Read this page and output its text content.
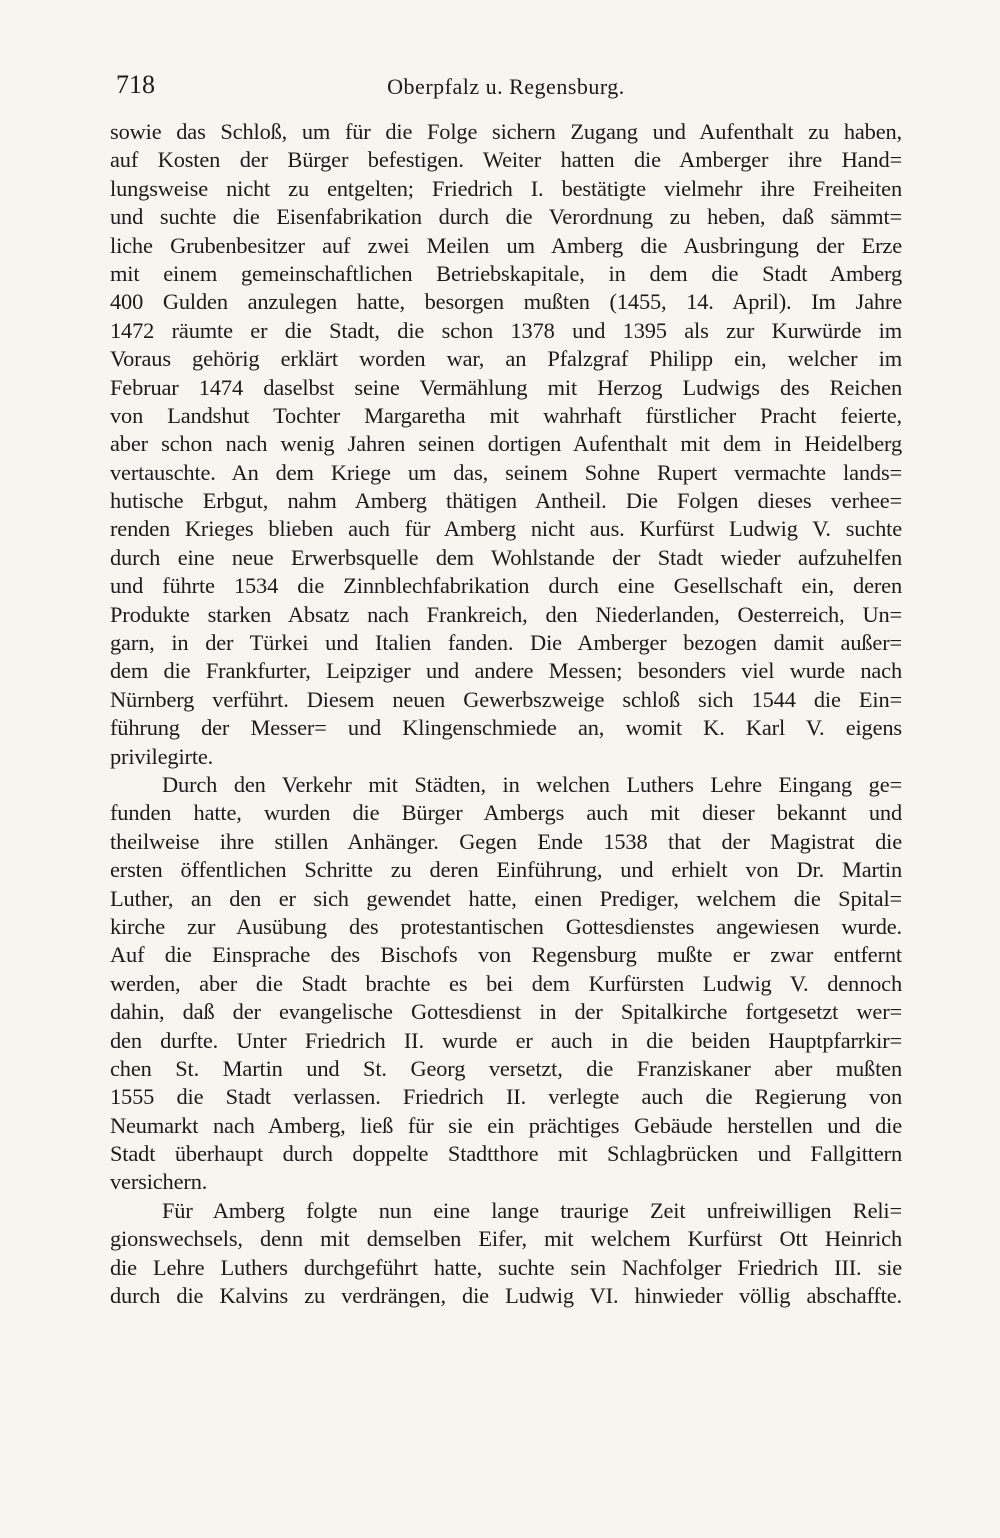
718	Oberpfalz u. Regensburg.
sowie das Schloß, um für die Folge sichern Zugang und Aufenthalt zu haben,
auf Kosten der Bürger befestigen. Weiter hatten die Amberger ihre Hand=
lungsweise nicht zu entgelten; Friedrich I. bestätigte vielmehr ihre Freiheiten
und suchte die Eisenfabrikation durch die Verordnung zu heben, daß sämmt=
liche Grubenbesitzer auf zwei Meilen um Amberg die Ausbringung der Erze
mit einem gemeinschaftlichen Betriebskapitale, in dem die Stadt Amberg
400 Gulden anzulegen hatte, besorgen mußten (1455, 14. April). Im Jahre
1472 räumte er die Stadt, die schon 1378 und 1395 als zur Kurwürde im
Voraus gehörig erklärt worden war, an Pfalzgraf Philipp ein, welcher im
Februar 1474 daselbst seine Vermählung mit Herzog Ludwigs des Reichen
von Landshut Tochter Margaretha mit wahrhaft fürstlicher Pracht feierte,
aber schon nach wenig Jahren seinen dortigen Aufenthalt mit dem in Heidelberg
vertauschte. An dem Kriege um das, seinem Sohne Rupert vermachte lands=
hutische Erbgut, nahm Amberg thätigen Antheil. Die Folgen dieses verhee=
renden Krieges blieben auch für Amberg nicht aus. Kurfürst Ludwig V. suchte
durch eine neue Erwerbsquelle dem Wohlstande der Stadt wieder aufzuhelfen
und führte 1534 die Zinnblechfabrikation durch eine Gesellschaft ein, deren
Produkte starken Absatz nach Frankreich, den Niederlanden, Oesterreich, Un=
garn, in der Türkei und Italien fanden. Die Amberger bezogen damit außer=
dem die Frankfurter, Leipziger und andere Messen; besonders viel wurde nach
Nürnberg verführt. Diesem neuen Gewerbszweige schloß sich 1544 die Ein=
führung der Messer= und Klingenschmiede an, womit K. Karl V. eigens
privilegirte.
Durch den Verkehr mit Städten, in welchen Luthers Lehre Eingang ge=
funden hatte, wurden die Bürger Ambergs auch mit dieser bekannt und
theilweise ihre stillen Anhänger. Gegen Ende 1538 that der Magistrat die
ersten öffentlichen Schritte zu deren Einführung, und erhielt von Dr. Martin
Luther, an den er sich gewendet hatte, einen Prediger, welchem die Spital=
kirche zur Ausübung des protestantischen Gottesdienstes angewiesen wurde.
Auf die Einsprache des Bischofs von Regensburg mußte er zwar entfernt
werden, aber die Stadt brachte es bei dem Kurfürsten Ludwig V. dennoch
dahin, daß der evangelische Gottesdienst in der Spitalkirche fortgesetzt wer=
den durfte. Unter Friedrich II. wurde er auch in die beiden Hauptpfarrkir=
chen St. Martin und St. Georg versetzt, die Franziskaner aber mußten
1555 die Stadt verlassen. Friedrich II. verlegte auch die Regierung von
Neumarkt nach Amberg, ließ für sie ein prächtiges Gebäude herstellen und die
Stadt überhaupt durch doppelte Stadtthore mit Schlagbrücken und Fallgittern
versichern.
Für Amberg folgte nun eine lange traurige Zeit unfreiwilligen Reli=
gionswechsels, denn mit demselben Eifer, mit welchem Kurfürst Ott Heinrich
die Lehre Luthers durchgeführt hatte, suchte sein Nachfolger Friedrich III. sie
durch die Kalvins zu verdrängen, die Ludwig VI. hinwieder völlig abschaffte.
